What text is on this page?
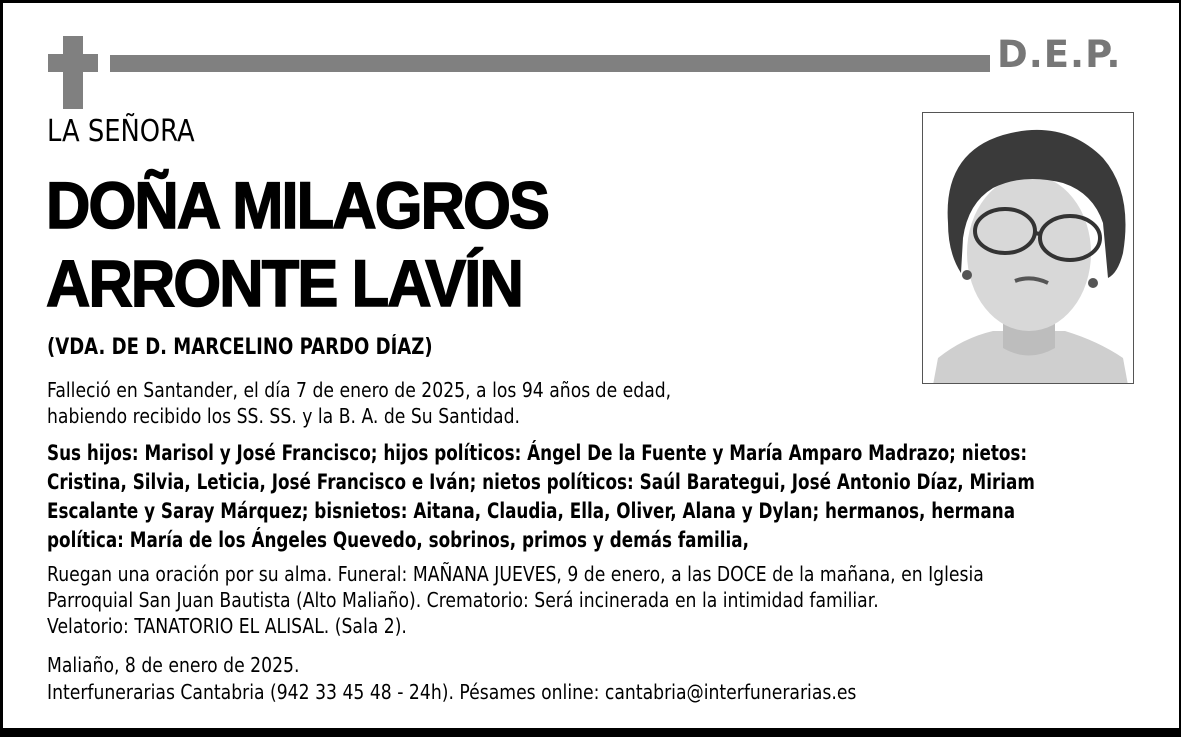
D.E.P.
LA SEÑORA
DOÑA MILAGROS
ARRONTE LAVÍN
(VDA. DE D. MARCELINO PARDO DÍAZ)
Falleció en Santander, el día 7 de enero de 2025, a los 94 años de edad,
habiendo recibido los SS. SS. y la B. A. de Su Santidad.
Sus hijos: Marisol y José Francisco; hijos políticos: Ángel De la Fuente y María Amparo Madrazo; nietos:
Cristina, Silvia, Leticia, José Francisco e Iván; nietos políticos: Saúl Barategui, José Antonio Díaz, Miriam
Escalante y Saray Márquez; bisnietos: Aitana, Claudia, Ella, Oliver, Alana y Dylan; hermanos, hermana
política: María de los Ángeles Quevedo, sobrinos, primos y demás familia,
Ruegan una oración por su alma. Funeral: MAÑANA JUEVES, 9 de enero, a las DOCE de la mañana, en Iglesia
Parroquial San Juan Bautista (Alto Maliaño). Crematorio: Será incinerada en la intimidad familiar.
Velatorio: TANATORIO EL ALISAL. (Sala 2).
Maliaño, 8 de enero de 2025.
Interfunerarias Cantabria (942 33 45 48 - 24h). Pésames online: cantabria@interfunerarias.es
